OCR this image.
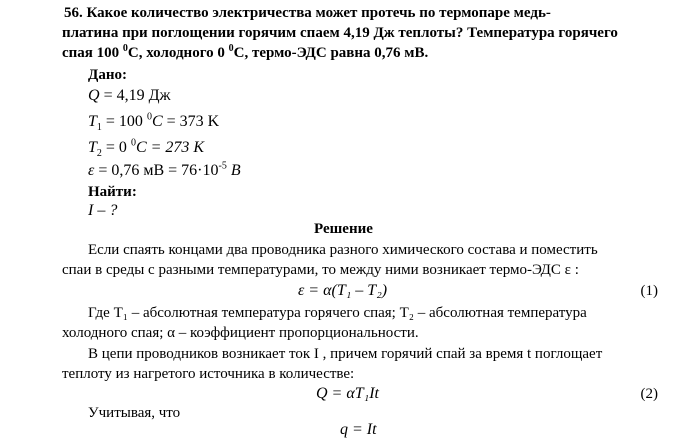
56. Какое количество электричества может протечь по термопаре медь-
платина при поглощении горячим спаем 4,19 Дж теплоты? Температура горячего
спая 100 $^0$С, холодного 0 $^0$С, термо-ЭДС равна 0,76 мВ.
Дано:
Q = 4,19 Дж
$T_1 = 100$ $^0$C = 373 K
$T_2 = 0$ $^0$C = 273 K
ε = 0,76 мВ = $76\cdot 10^{-5}$ B
Найти:
I – ?
Решение
Если спаять концами два проводника разного химического состава и поместить
спаи в среды с разными температурами, то между ними возникает термо-ЭДС ε :
ε = α(T₁ – T₂)	(1)
Где T₁ – абсолютная температура горячего спая; T₂ – абсолютная температура
холодного спая; α – коэффициент пропорциональности.
В цепи проводников возникает ток I , причем горячий спай за время t поглощает
теплоту из нагретого источника в количестве:
Q = αT₁It	(2)
Учитывая, что
q = It
